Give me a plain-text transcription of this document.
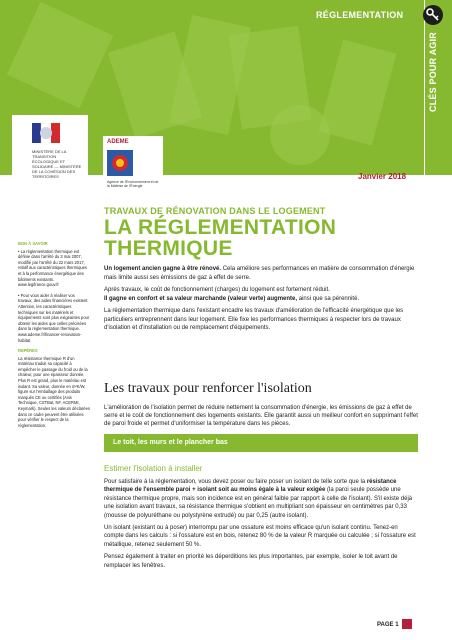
RÉGLEMENTATION
CLÉS POUR AGIR
MINISTÈRE DE LA TRANSITION ÉCOLOGIQUE ET SOLIDAIRE — MINISTÈRE DE LA COHÉSION DES TERRITOIRES
ADEME
Agence de l'Environnement et de la Maîtrise de l'Énergie
Janvier 2018
TRAVAUX DE RÉNOVATION DANS LE LOGEMENT
LA RÉGLEMENTATION
THERMIQUE
BON À SAVOIR

• La réglementation thermique est définie dans l'arrêté du 3 mai 2007, modifié par l'arrêté du 22 mars 2017, relatif aux caractéristiques thermiques et à la performance énergétique des bâtiments existants. www.legifrance.gouv.fr

• Pour vous aider à réaliser vos travaux, des aides financières existent. Attention, les caractéristiques techniques sur les matériels et équipements sont plus exigeantes pour obtenir les aides que celles précisées dans la réglementation thermique. www.ademe.fr/financer-renovation-habitat

REPÈRES

La résistance thermique R d'un matériau traduit sa capacité à empêcher le passage du froid ou de la chaleur, pour une épaisseur donnée. Plus R est grand, plus le matériau est isolant. Sa valeur, donnée en m²K/W, figure sur l'emballage des produits marqués CE ou certifiés (Avis Technique, CSTBat, NF, ACERMI, Keymark). Seules les valeurs déclarées dans ce cadre peuvent être utilisées pour vérifier le respect de la réglementation.

Un logement ancien gagne à être rénové. Cela améliore ses performances en matière de consommation d'énergie mais limite aussi ses émissions de gaz à effet de serre.

Après travaux, le coût de fonctionnement (charges) du logement est fortement réduit.
Il gagne en confort et sa valeur marchande (valeur verte) augmente, ainsi que sa pérennité.

La réglementation thermique dans l'existant encadre les travaux d'amélioration de l'efficacité énergétique que les particuliers entreprennent dans leur logement. Elle fixe les performances thermiques à respecter lors de travaux d'isolation et d'installation ou de remplacement d'équipements.

Les travaux pour renforcer l'isolation
L'amélioration de l'isolation permet de réduire nettement la consommation d'énergie, les émissions de gaz à effet de serre et le coût de fonctionnement des logements existants. Elle garantit aussi un meilleur confort en supprimant l'effet de paroi froide et permet d'uniformiser la température dans les pièces.
Le toit, les murs et le plancher bas
Estimer l'isolation à installer

Pour satisfaire à la réglementation, vous devez poser ou faire poser un isolant de telle sorte que la résistance thermique de l'ensemble paroi + isolant soit au moins égale à la valeur exigée (la paroi seule possède une résistance thermique propre, mais son incidence est en général faible par rapport à celle de l'isolant). S'il existe déjà une isolation avant travaux, sa résistance thermique s'obtient en multipliant son épaisseur en centimètres par 0,33 (mousse de polyuréthane ou polystyrène extrudé) ou par 0,25 (autre isolant).

Un isolant (existant ou à poser) interrompu par une ossature est moins efficace qu'un isolant continu. Tenez-en compte dans les calculs : si l'ossature est en bois, retenez 80 % de la valeur R marquée ou calculée ; si l'ossature est métallique, retenez seulement 50 %.

Pensez également à traiter en priorité les déperditions les plus importantes, par exemple, isoler le toit avant de remplacer les fenêtres.

PAGE 1
